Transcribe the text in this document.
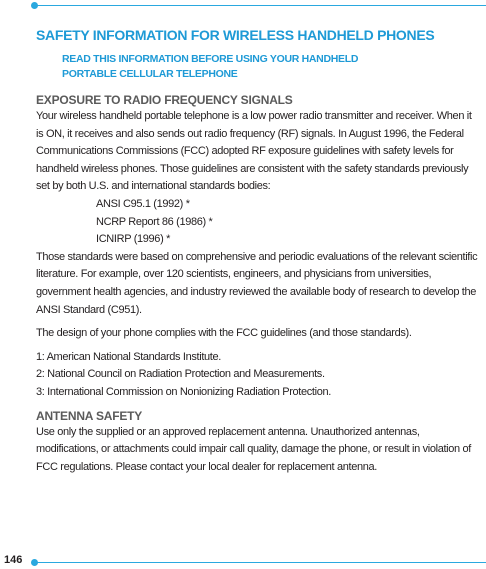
SAFETY INFORMATION FOR WIRELESS HANDHELD PHONES
READ THIS INFORMATION BEFORE USING YOUR HANDHELD
PORTABLE CELLULAR TELEPHONE
EXPOSURE TO RADIO FREQUENCY SIGNALS

Your wireless handheld portable telephone is a low power radio transmitter and receiver. When it is ON, it receives and also sends out radio frequency (RF) signals. In August 1996, the Federal Communications Commissions (FCC) adopted RF exposure guidelines with safety levels for handheld wireless phones. Those guidelines are consistent with the safety standards previously set by both U.S. and international standards bodies:

ANSI C95.1 (1992) *
NCRP Report 86 (1986) *
ICNIRP (1996) *

Those standards were based on comprehensive and periodic evaluations of the relevant scientific literature. For example, over 120 scientists, engineers, and physicians from universities, government health agencies, and industry reviewed the available body of research to develop the ANSI Standard (C951).

The design of your phone complies with the FCC guidelines (and those standards).

1: American National Standards Institute.

2: National Council on Radiation Protection and Measurements.

3: International Commission on Nonionizing Radiation Protection.

ANTENNA SAFETY

Use only the supplied or an approved replacement antenna. Unauthorized antennas, modifications, or attachments could impair call quality, damage the phone, or result in violation of FCC regulations. Please contact your local dealer for replacement antenna.

146
